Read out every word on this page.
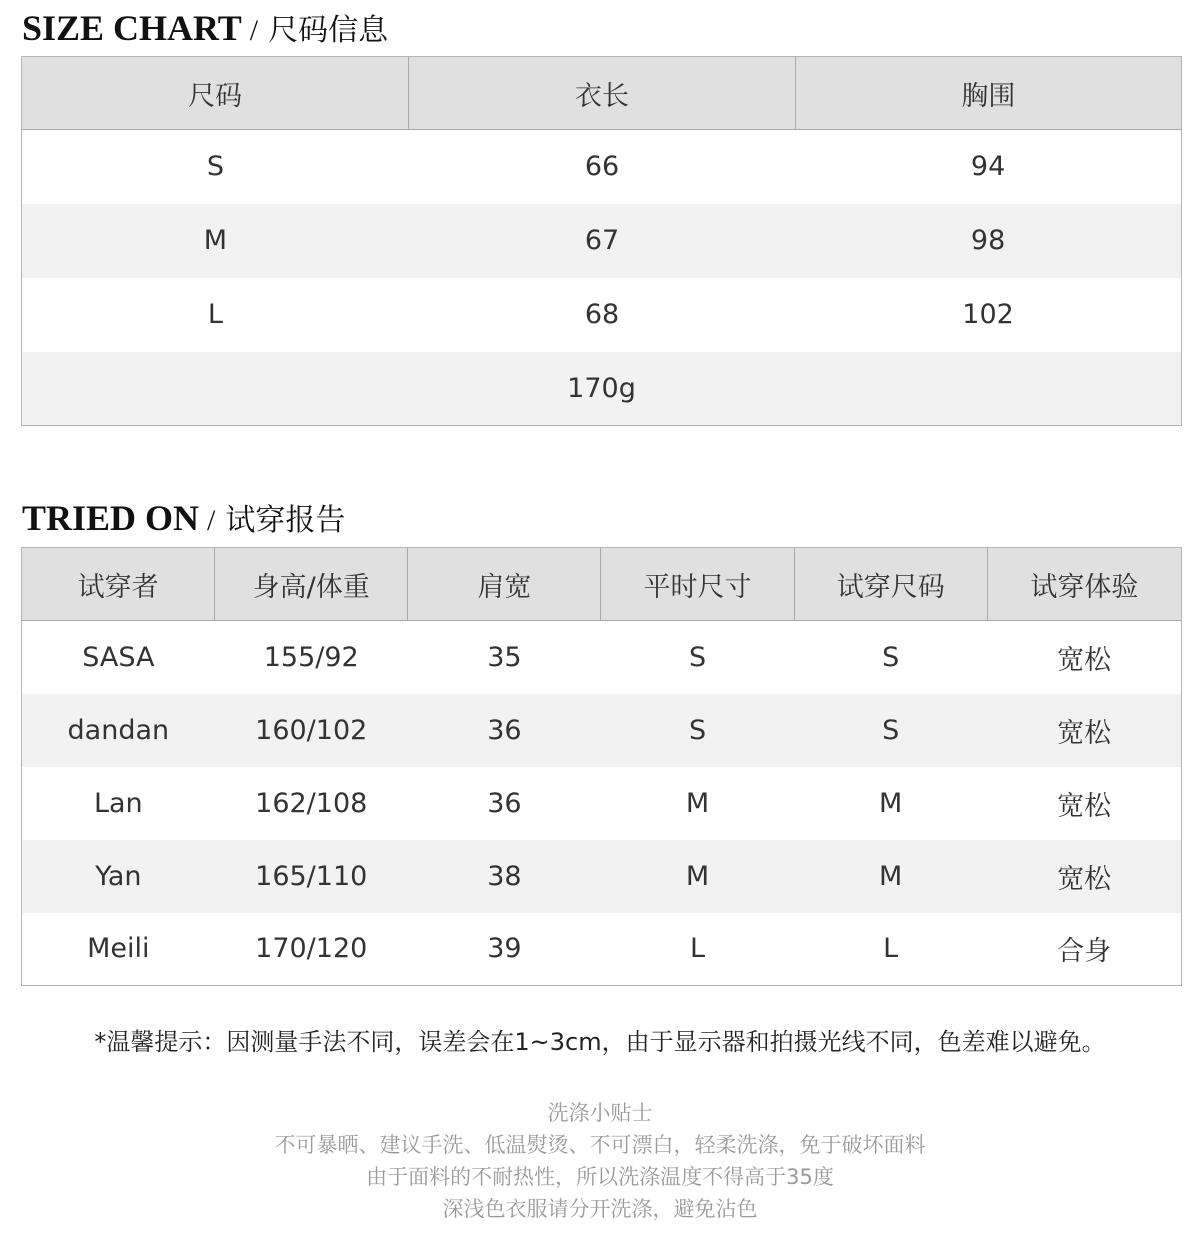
SIZE CHART / 尺码信息
尺码	衣长	胸围
S	66	94
M	67	98
L	68	102
170g		
TRIED ON / 试穿报告
试穿者	身高/体重	肩宽	平时尺寸	试穿尺码	试穿体验
SASA	155/92	35	S	S	宽松
dandan	160/102	36	S	S	宽松
Lan	162/108	36	M	M	宽松
Yan	165/110	38	M	M	宽松
Meili	170/120	39	L	L	合身
*温馨提示：因测量手法不同，误差会在1~3cm，由于显示器和拍摄光线不同，色差难以避免。
洗涤小贴士
不可暴晒、建议手洗、低温熨烫、不可漂白，轻柔洗涤，免于破坏面料
由于面料的不耐热性，所以洗涤温度不得高于35度
深浅色衣服请分开洗涤，避免沾色
